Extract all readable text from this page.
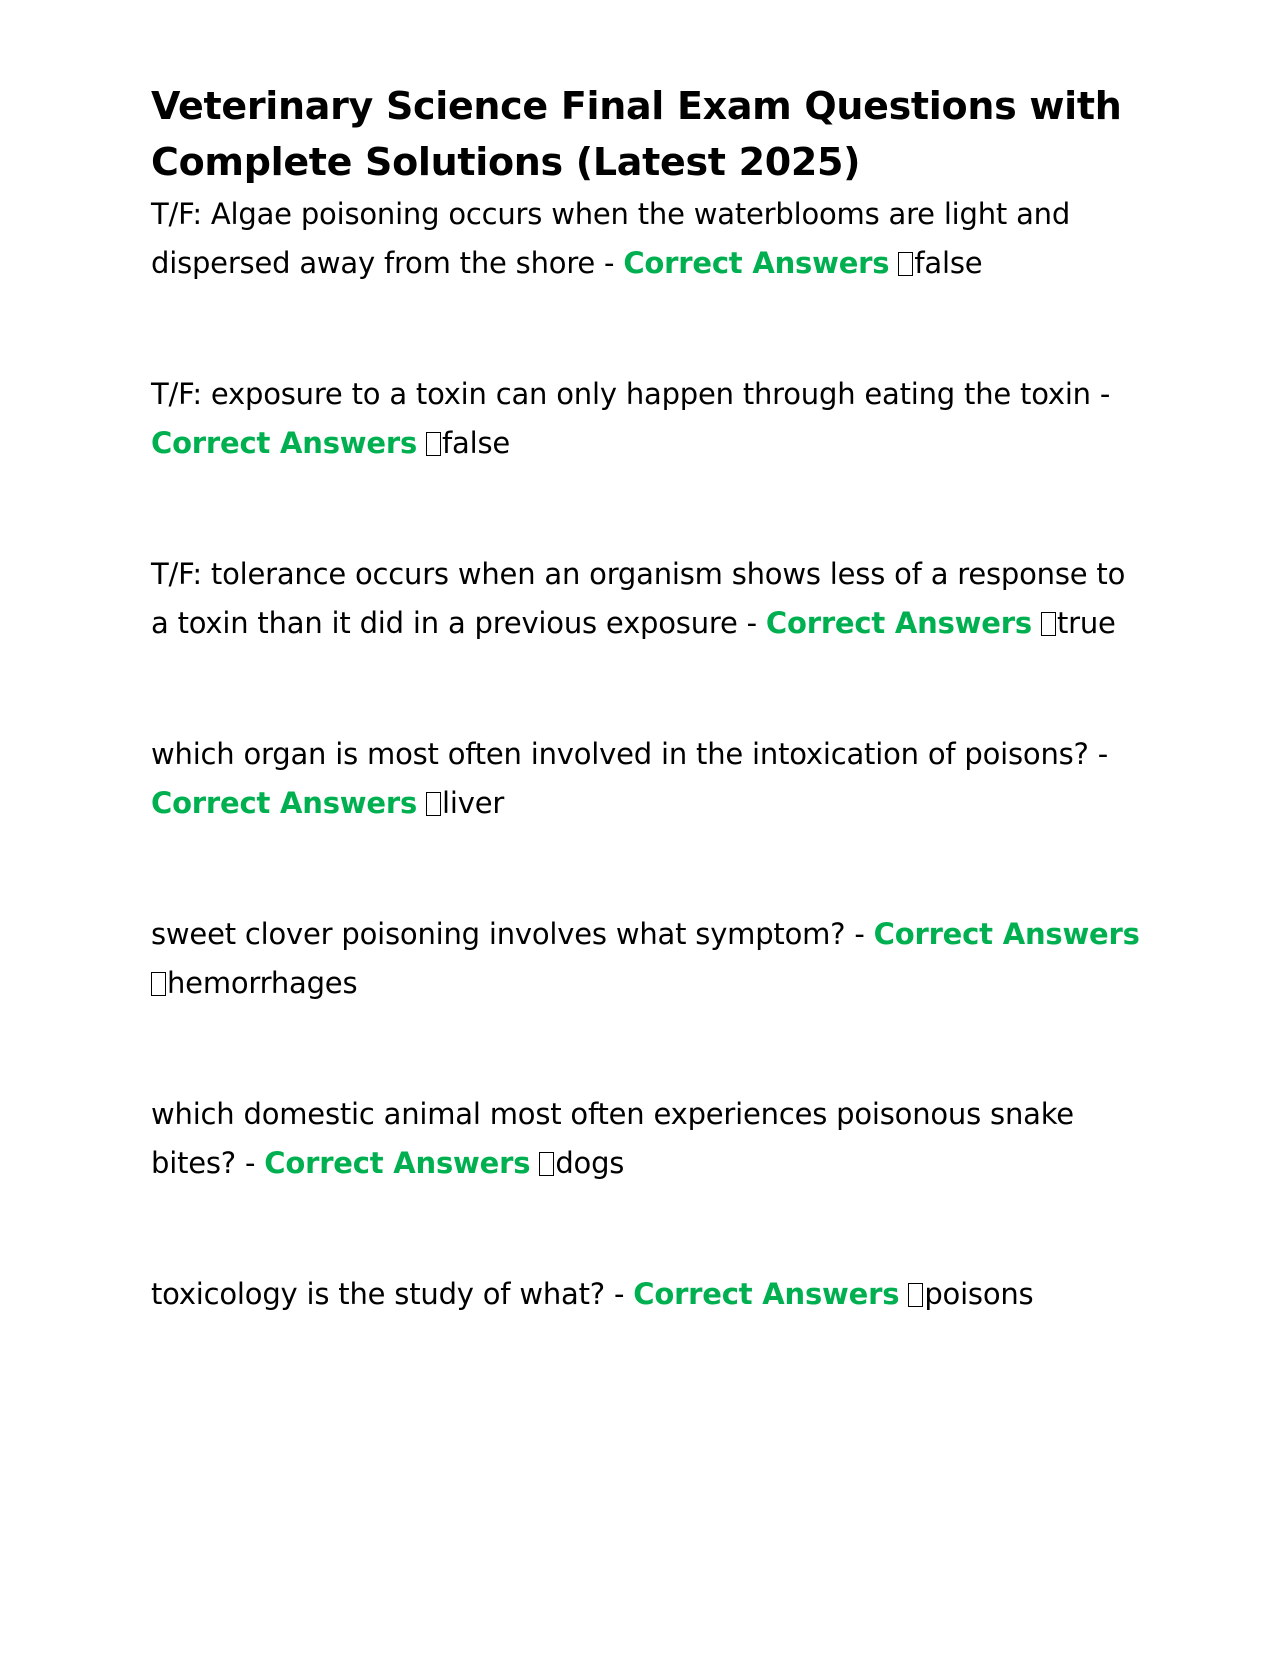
Veterinary Science Final Exam Questions with Complete Solutions (Latest 2025)

T/F: Algae poisoning occurs when the waterblooms are light and dispersed away from the shore - Correct Answers false

T/F: exposure to a toxin can only happen through eating the toxin - Correct Answers false

T/F: tolerance occurs when an organism shows less of a response to a toxin than it did in a previous exposure - Correct Answers true

which organ is most often involved in the intoxication of poisons? - Correct Answers liver

sweet clover poisoning involves what symptom? - Correct Answers hemorrhages

which domestic animal most often experiences poisonous snake bites? - Correct Answers dogs

toxicology is the study of what? - Correct Answers poisons
